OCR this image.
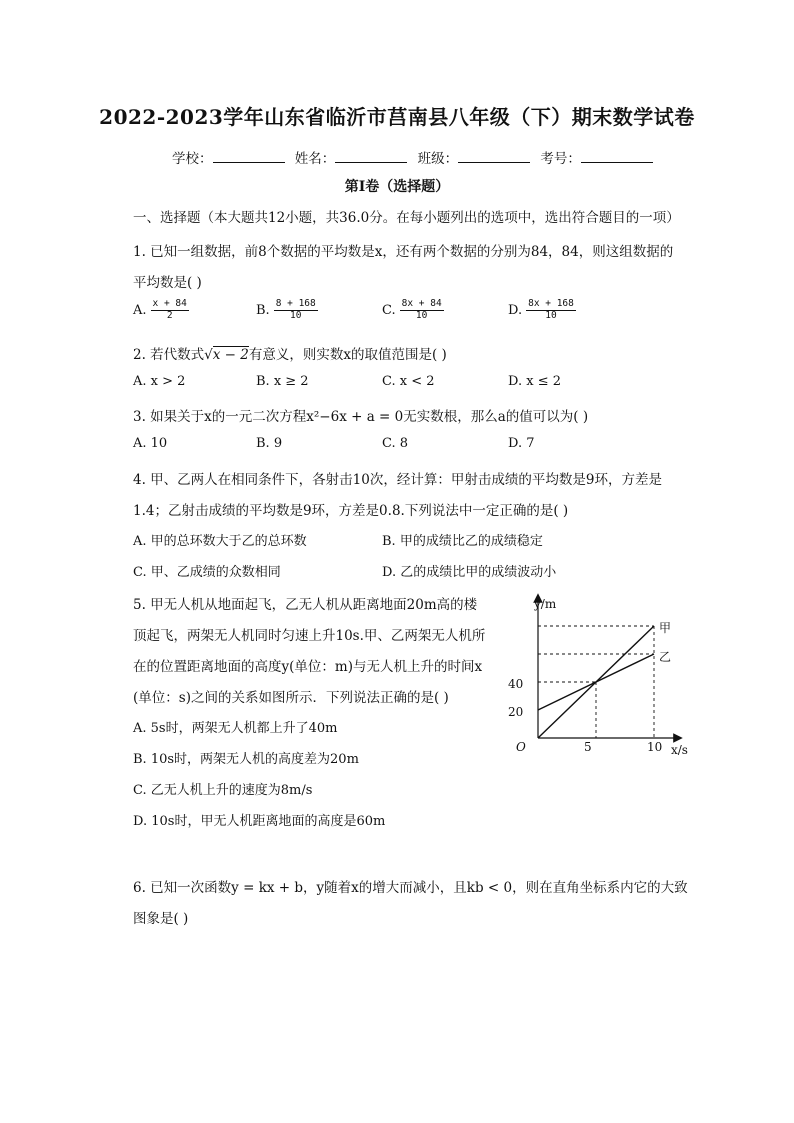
2022-2023学年山东省临沂市莒南县八年级（下）期末数学试卷
学校：	姓名：	班级：	考号：
第Ⅰ卷（选择题）
一、选择题（本大题共12小题，共36.0分。在每小题列出的选项中，选出符合题目的一项）
1. 已知一组数据，前8个数据的平均数是x，还有两个数据的分别为84，84，则这组数据的
平均数是( )
A. $\frac{x + 84}{2}$	B. $\frac{8 + 168}{10}$	C. $\frac{8x + 84}{10}$	D. $\frac{8x + 168}{10}$
2. 若代数式√x − 2有意义，则实数x的取值范围是( )
A. x > 2	B. x ≥ 2	C. x < 2	D. x ≤ 2
3. 如果关于x的一元二次方程x²−6x + a = 0无实数根，那么a的值可以为( )
A. 10	B. 9	C. 8	D. 7
4. 甲、乙两人在相同条件下，各射击10次，经计算：甲射击成绩的平均数是9环，方差是
1.4；乙射击成绩的平均数是9环，方差是0.8.下列说法中一定正确的是( )
A. 甲的总环数大于乙的总环数	B. 甲的成绩比乙的成绩稳定
C. 甲、乙成绩的众数相同	D. 乙的成绩比甲的成绩波动小
5. 甲无人机从地面起飞，乙无人机从距离地面20m高的楼
顶起飞，两架无人机同时匀速上升10s.甲、乙两架无人机所
在的位置距离地面的高度y(单位：m)与无人机上升的时间x
(单位：s)之间的关系如图所示．下列说法正确的是( )
A. 5s时，两架无人机都上升了40m
B. 10s时，两架无人机的高度差为20m
C. 乙无人机上升的速度为8m/s
D. 10s时，甲无人机距离地面的高度是60m
y/m
x/s
O
20
40
5	10
甲
乙
6. 已知一次函数y = kx + b，y随着x的增大而减小，且kb < 0，则在直角坐标系内它的大致
图象是( )
